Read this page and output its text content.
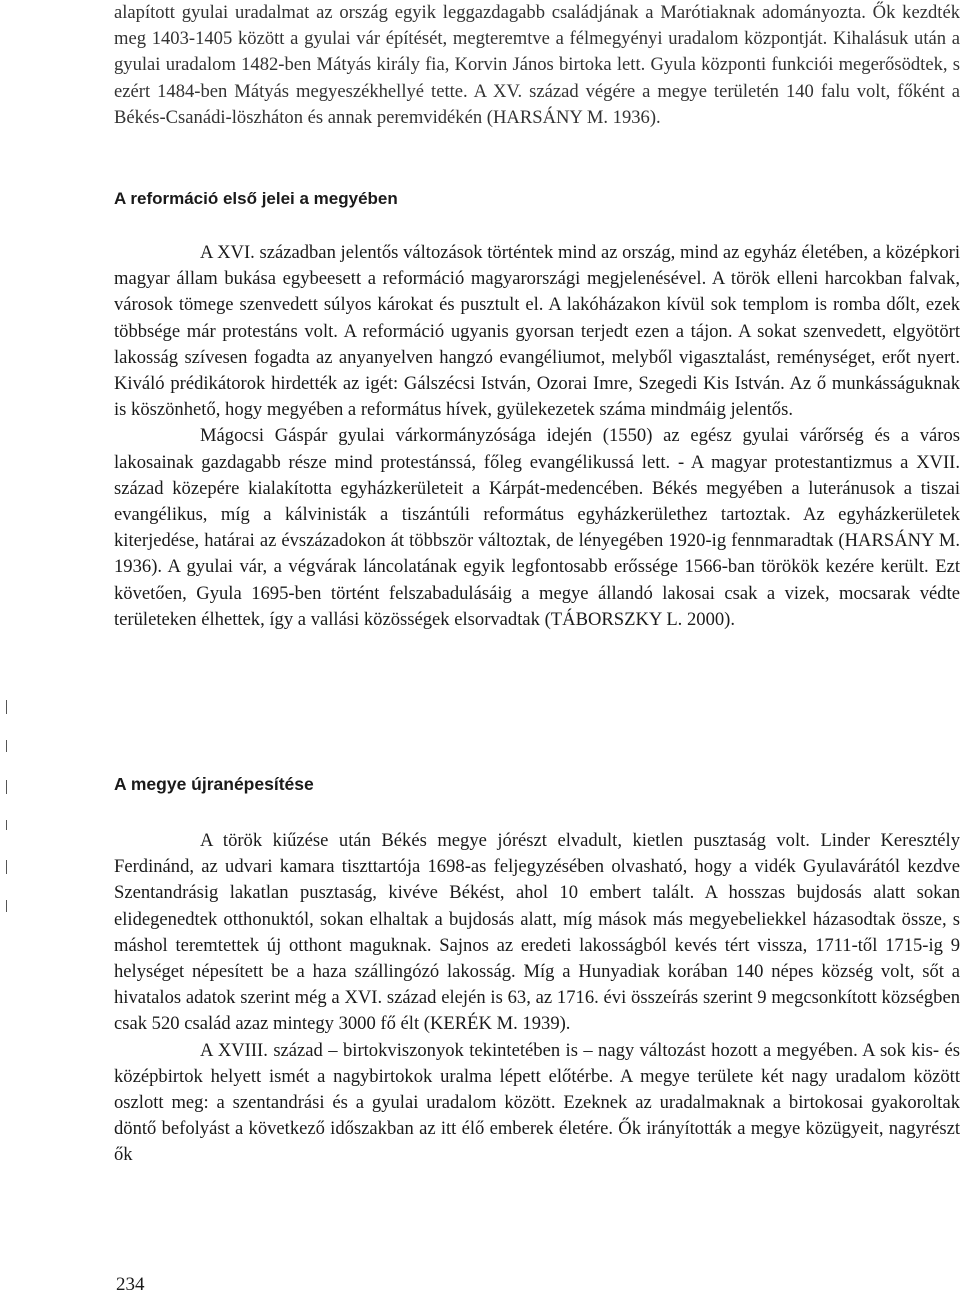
alapított gyulai uradalmat az ország egyik leggazdagabb családjának a Marótiaknak adományozta. Ők kezdték meg 1403-1405 között a gyulai vár építését, megteremtve a félmegyényi uradalom központját. Kihalásuk után a gyulai uradalom 1482-ben Mátyás király fia, Korvin János birtoka lett. Gyula központi funkciói megerősödtek, s ezért 1484-ben Mátyás megyeszékhellyé tette. A XV. század végére a megye területén 140 falu volt, főként a Békés-Csanádi-löszháton és annak peremvidékén (HARSÁNY M. 1936).

A reformáció első jelei a megyében

A XVI. században jelentős változások történtek mind az ország, mind az egyház életében, a középkori magyar állam bukása egybeesett a reformáció magyarországi megjelenésével. A török elleni harcokban falvak, városok tömege szenvedett súlyos károkat és pusztult el. A lakóházakon kívül sok templom is romba dőlt, ezek többsége már protestáns volt. A reformáció ugyanis gyorsan terjedt ezen a tájon. A sokat szenvedett, elgyötört lakosság szívesen fogadta az anyanyelven hangzó evangéliumot, melyből vigasztalást, reménységet, erőt nyert. Kiváló prédikátorok hirdették az igét: Gálszécsi István, Ozorai Imre, Szegedi Kis István. Az ő munkásságuknak is köszönhető, hogy megyében a református hívek, gyülekezetek száma mindmáig jelentős.

Mágocsi Gáspár gyulai várkormányzósága idején (1550) az egész gyulai várőrség és a város lakosainak gazdagabb része mind protestánssá, főleg evangélikussá lett. - A magyar protestantizmus a XVII. század közepére kialakította egyházkerületeit a Kárpát-medencében. Békés megyében a luteránusok a tiszai evangélikus, míg a kálvinisták a tiszántúli református egyházkerülethez tartoztak. Az egyházkerületek kiterjedése, határai az évszázadokon át többször változtak, de lényegében 1920-ig fennmaradtak (HARSÁNY M. 1936). A gyulai vár, a végvárak láncolatának egyik legfontosabb erőssége 1566-ban törökök kezére került. Ezt követően, Gyula 1695-ben történt felszabadulásáig a megye állandó lakosai csak a vizek, mocsarak védte területeken élhettek, így a vallási közösségek elsorvadtak (TÁBORSZKY L. 2000).

A megye újranépesítése

A török kiűzése után Békés megye jórészt elvadult, kietlen pusztaság volt. Linder Keresztély Ferdinánd, az udvari kamara tiszttartója 1698-as feljegyzésében olvasható, hogy a vidék Gyulavárától kezdve Szentandrásig lakatlan pusztaság, kivéve Békést, ahol 10 embert talált. A hosszas bujdosás alatt sokan elidegenedtek otthonuktól, sokan elhaltak a bujdosás alatt, míg mások más megyebeliekkel házasodtak össze, s máshol teremtettek új otthont maguknak. Sajnos az eredeti lakosságból kevés tért vissza, 1711-től 1715-ig 9 helységet népesített be a haza szállingózó lakosság. Míg a Hunyadiak korában 140 népes község volt, sőt a hivatalos adatok szerint még a XVI. század elején is 63, az 1716. évi összeírás szerint 9 megcsonkított községben csak 520 család azaz mintegy 3000 fő élt (KERÉK M. 1939).

A XVIII. század – birtokviszonyok tekintetében is – nagy változást hozott a megyében. A sok kis- és középbirtok helyett ismét a nagybirtokok uralma lépett előtérbe. A megye területe két nagy uradalom között oszlott meg: a szentandrási és a gyulai uradalom között. Ezeknek az uradalmaknak a birtokosai gyakoroltak döntő befolyást a következő időszakban az itt élő emberek életére. Ők irányították a megye közügyeit, nagyrészt ők

234
